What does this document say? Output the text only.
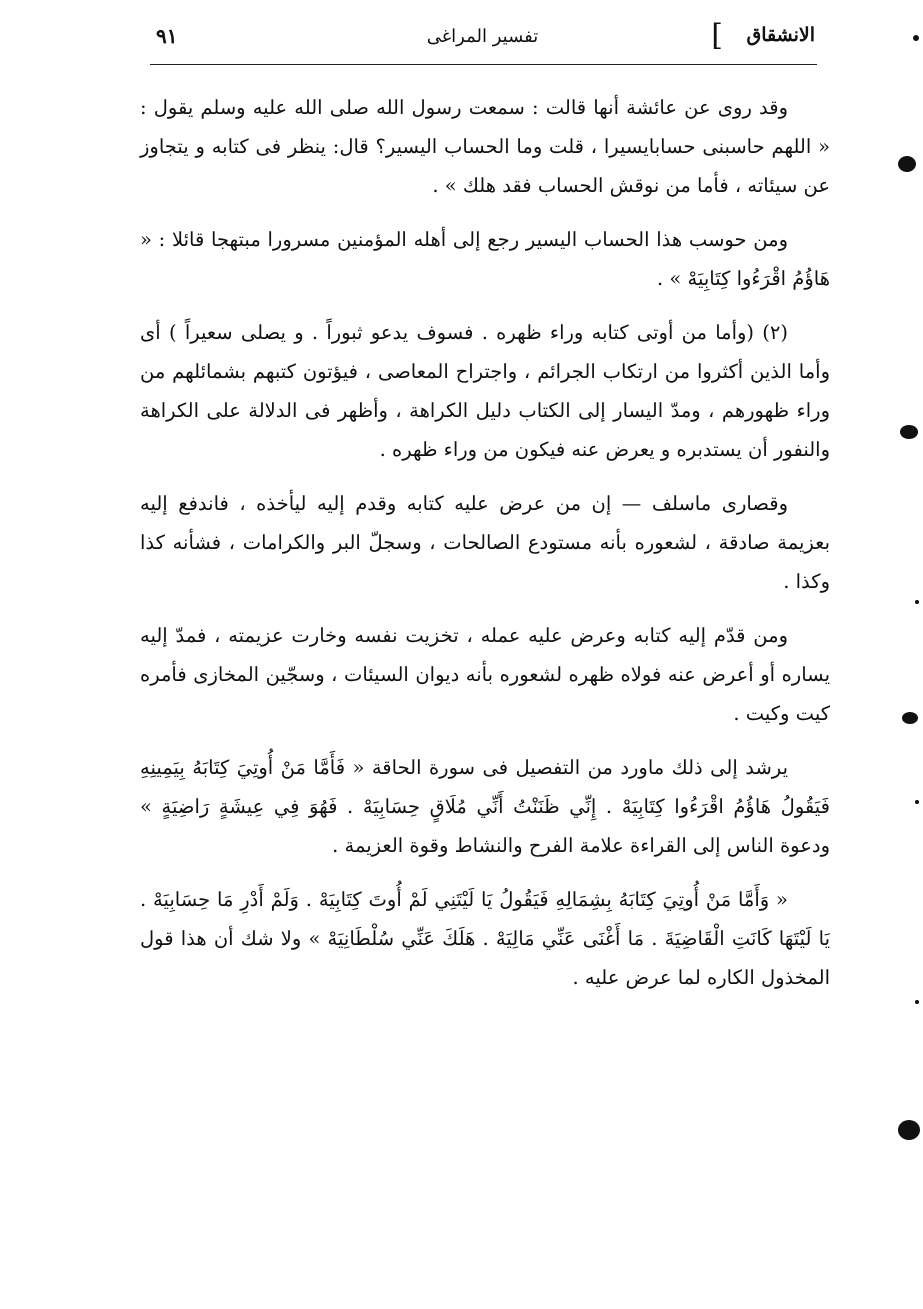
الانشقاق
]
تفسير المراغى
٩١

وقد روى عن عائشة أنها قالت : سمعت رسول الله صلى الله عليه وسلم يقول : « اللهم حاسبنى حسابايسيرا ، قلت وما الحساب اليسير؟ قال: ينظر فى كتابه و يتجاوز عن سيئاته ، فأما من نوقش الحساب فقد هلك » .

ومن حوسب هذا الحساب اليسير رجع إلى أهله المؤمنين مسرورا مبتهجا قائلا : « هَاؤُمُ اقْرَءُوا كِتَابِيَهْ » .

(٢) (وأما من أوتى كتابه وراء ظهره . فسوف يدعو ثبوراً . و يصلى سعيراً ) أى وأما الذين أكثروا من ارتكاب الجرائم ، واجتراح المعاصى ، فيؤتون كتبهم بشمائلهم من وراء ظهورهم ، ومدّ اليسار إلى الكتاب دليل الكراهة ، وأظهر فى الدلالة على الكراهة والنفور أن يستدبره و يعرض عنه فيكون من وراء ظهره .

وقصارى ماسلف — إن من عرض عليه كتابه وقدم إليه ليأخذه ، فاندفع إليه بعزيمة صادقة ، لشعوره بأنه مستودع الصالحات ، وسجلّ البر والكرامات ، فشأنه كذا وكذا .

ومن قدّم إليه كتابه وعرض عليه عمله ، تخزيت نفسه وخارت عزيمته ، فمدّ إليه يساره أو أعرض عنه فولاه ظهره لشعوره بأنه ديوان السيئات ، وسجّين المخازى فأمره كيت وكيت .

يرشد إلى ذلك ماورد من التفصيل فى سورة الحاقة « فَأَمَّا مَنْ أُوتِيَ كِتَابَهُ بِيَمِينِهِ فَيَقُولُ هَاؤُمُ اقْرَءُوا كِتَابِيَهْ . إِنِّي ظَنَنْتُ أَنِّي مُلَاقٍ حِسَابِيَهْ . فَهُوَ فِي عِيشَةٍ رَاضِيَةٍ » ودعوة الناس إلى القراءة علامة الفرح والنشاط وقوة العزيمة .

« وَأَمَّا مَنْ أُوتِيَ كِتَابَهُ بِشِمَالِهِ فَيَقُولُ يَا لَيْتَنِي لَمْ أُوتَ كِتَابِيَهْ . وَلَمْ أَدْرِ مَا حِسَابِيَهْ . يَا لَيْتَهَا كَانَتِ الْقَاضِيَةَ . مَا أَغْنَى عَنِّي مَالِيَهْ . هَلَكَ عَنِّي سُلْطَانِيَهْ » ولا شك أن هذا قول المخذول الكاره لما عرض عليه .
